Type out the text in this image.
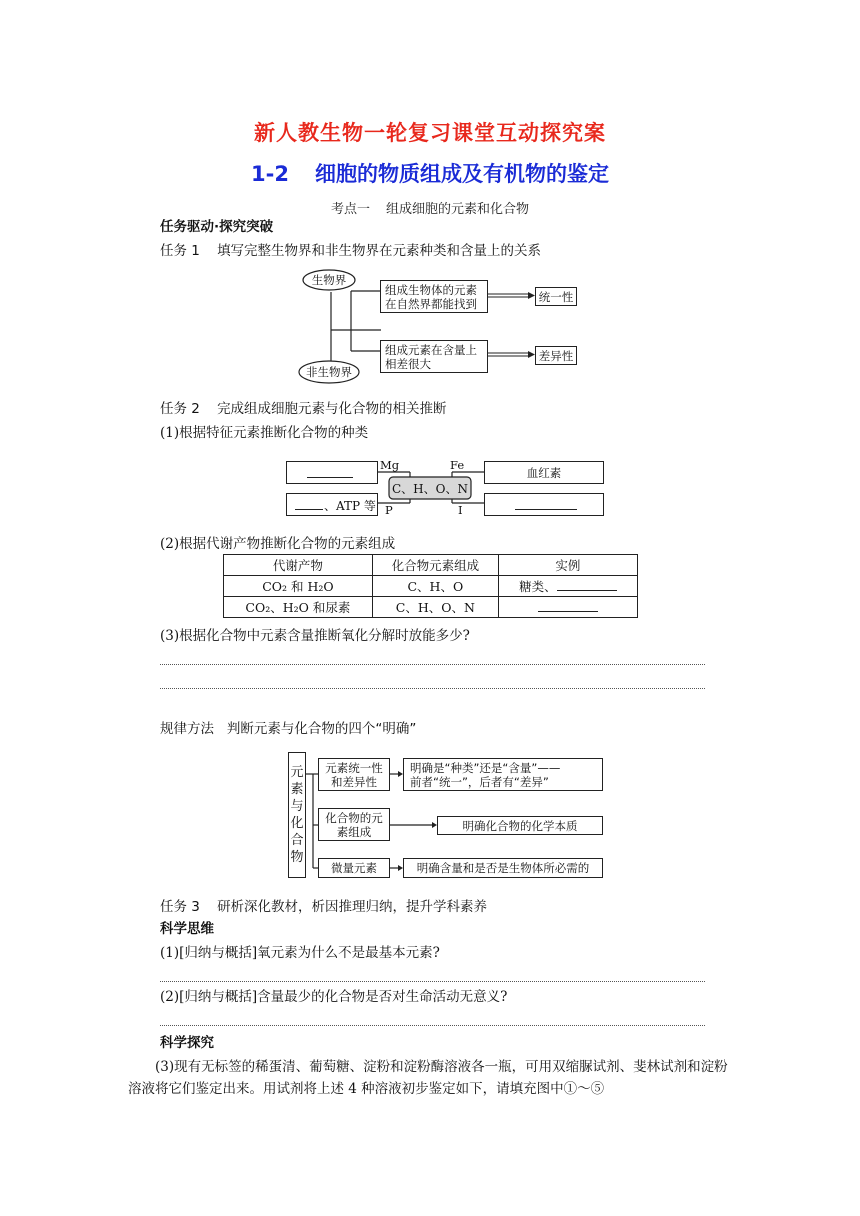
新人教生物一轮复习课堂互动探究案
1-2 细胞的物质组成及有机物的鉴定
考点一 组成细胞的元素和化合物
任务驱动·探究突破
任务 1 填写完整生物界和非生物界在元素种类和含量上的关系
生物界
非生物界
组成生物体的元素
在自然界都能找到
组成元素在含量上
相差很大
统一性
差异性
任务 2 完成组成细胞元素与化合物的相关推断
(1)根据特征元素推断化合物的种类
、ATP 等
血红素
C、H、O、N
Mg	Fe
P	I
(2)根据代谢产物推断化合物的元素组成
代谢产物	化合物元素组成	实例
CO₂ 和 H₂O	C、H、O	糖类、
CO₂、H₂O 和尿素	C、H、O、N	
(3)根据化合物中元素含量推断氧化分解时放能多少?
规律方法 判断元素与化合物的四个“明确”
元
素
与
化
合
物
元素统一性
和差异性
化合物的元
素组成
微量元素
明确是“种类”还是“含量”——
前者“统一”，后者有“差异”
明确化合物的化学本质
明确含量和是否是生物体所必需的
任务 3 研析深化教材，析因推理归纳，提升学科素养
科学思维
(1)[归纳与概括]氧元素为什么不是最基本元素?
(2)[归纳与概括]含量最少的化合物是否对生命活动无意义?
科学探究
(3)现有无标签的稀蛋清、葡萄糖、淀粉和淀粉酶溶液各一瓶，可用双缩脲试剂、斐林试剂和淀粉溶液将它们鉴定出来。用试剂将上述 4 种溶液初步鉴定如下，请填充图中①～⑤
